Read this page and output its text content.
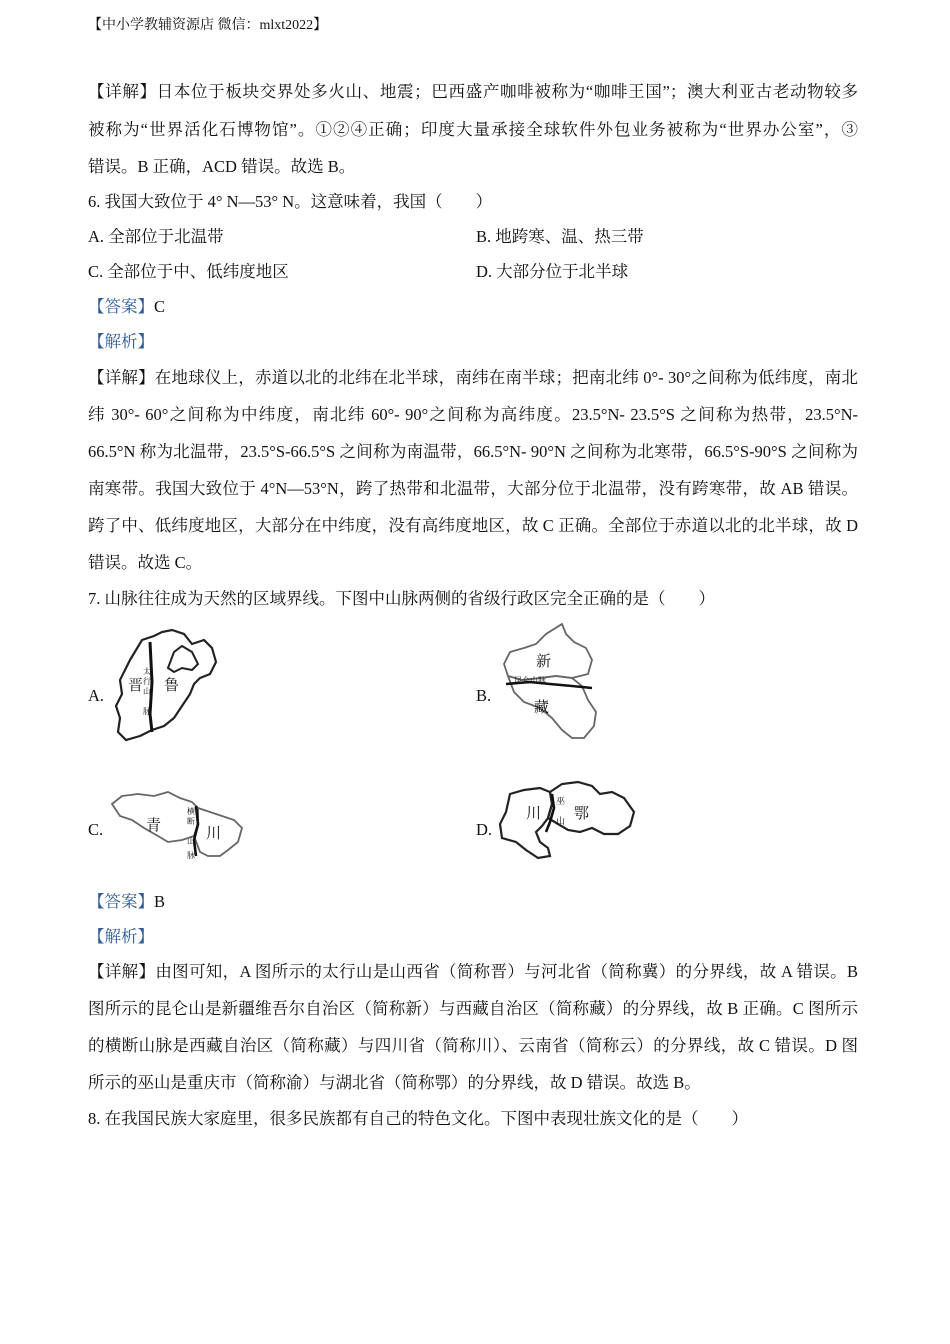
【中小学教辅资源店 微信：mlxt2022】
【详解】日本位于板块交界处多火山、地震；巴西盛产咖啡被称为“咖啡王国”；澳大利亚古老动物较多
被称为“世界活化石博物馆”。①②④正确；印度大量承接全球软件外包业务被称为“世界办公室”，③
错误。B 正确，ACD 错误。故选 B。
6. 我国大致位于 4° N—53° N。这意味着，我国（　　）
A. 全部位于北温带	B. 地跨寒、温、热三带
C. 全部位于中、低纬度地区	D. 大部分位于北半球
【答案】C
【解析】
【详解】在地球仪上，赤道以北的北纬在北半球，南纬在南半球；把南北纬 0°- 30°之间称为低纬度，南北
纬 30°- 60°之间称为中纬度，南北纬 60°- 90°之间称为高纬度。23.5°N- 23.5°S 之间称为热带，23.5°N-
66.5°N 称为北温带，23.5°S-66.5°S 之间称为南温带，66.5°N- 90°N 之间称为北寒带，66.5°S-90°S 之间称为
南寒带。我国大致位于 4°N—53°N，跨了热带和北温带，大部分位于北温带，没有跨寒带，故 AB 错误。
跨了中、低纬度地区，大部分在中纬度，没有高纬度地区，故 C 正确。全部位于赤道以北的北半球，故 D
错误。故选 C。
7. 山脉往往成为天然的区域界线。下图中山脉两侧的省级行政区完全正确的是（　　）
A.	B.
C.	D.
晋 鲁
太
行
山
脉
新
藏
昆仑山脉
青	川
横
断
山
脉
川 鄂
巫
山
【答案】B
【解析】
【详解】由图可知，A 图所示的太行山是山西省（简称晋）与河北省（简称冀）的分界线，故 A 错误。B
图所示的昆仑山是新疆维吾尔自治区（简称新）与西藏自治区（简称藏）的分界线，故 B 正确。C 图所示
的横断山脉是西藏自治区（简称藏）与四川省（简称川）、云南省（简称云）的分界线，故 C 错误。D 图
所示的巫山是重庆市（简称渝）与湖北省（简称鄂）的分界线，故 D 错误。故选 B。
8. 在我国民族大家庭里，很多民族都有自己的特色文化。下图中表现壮族文化的是（　　）
